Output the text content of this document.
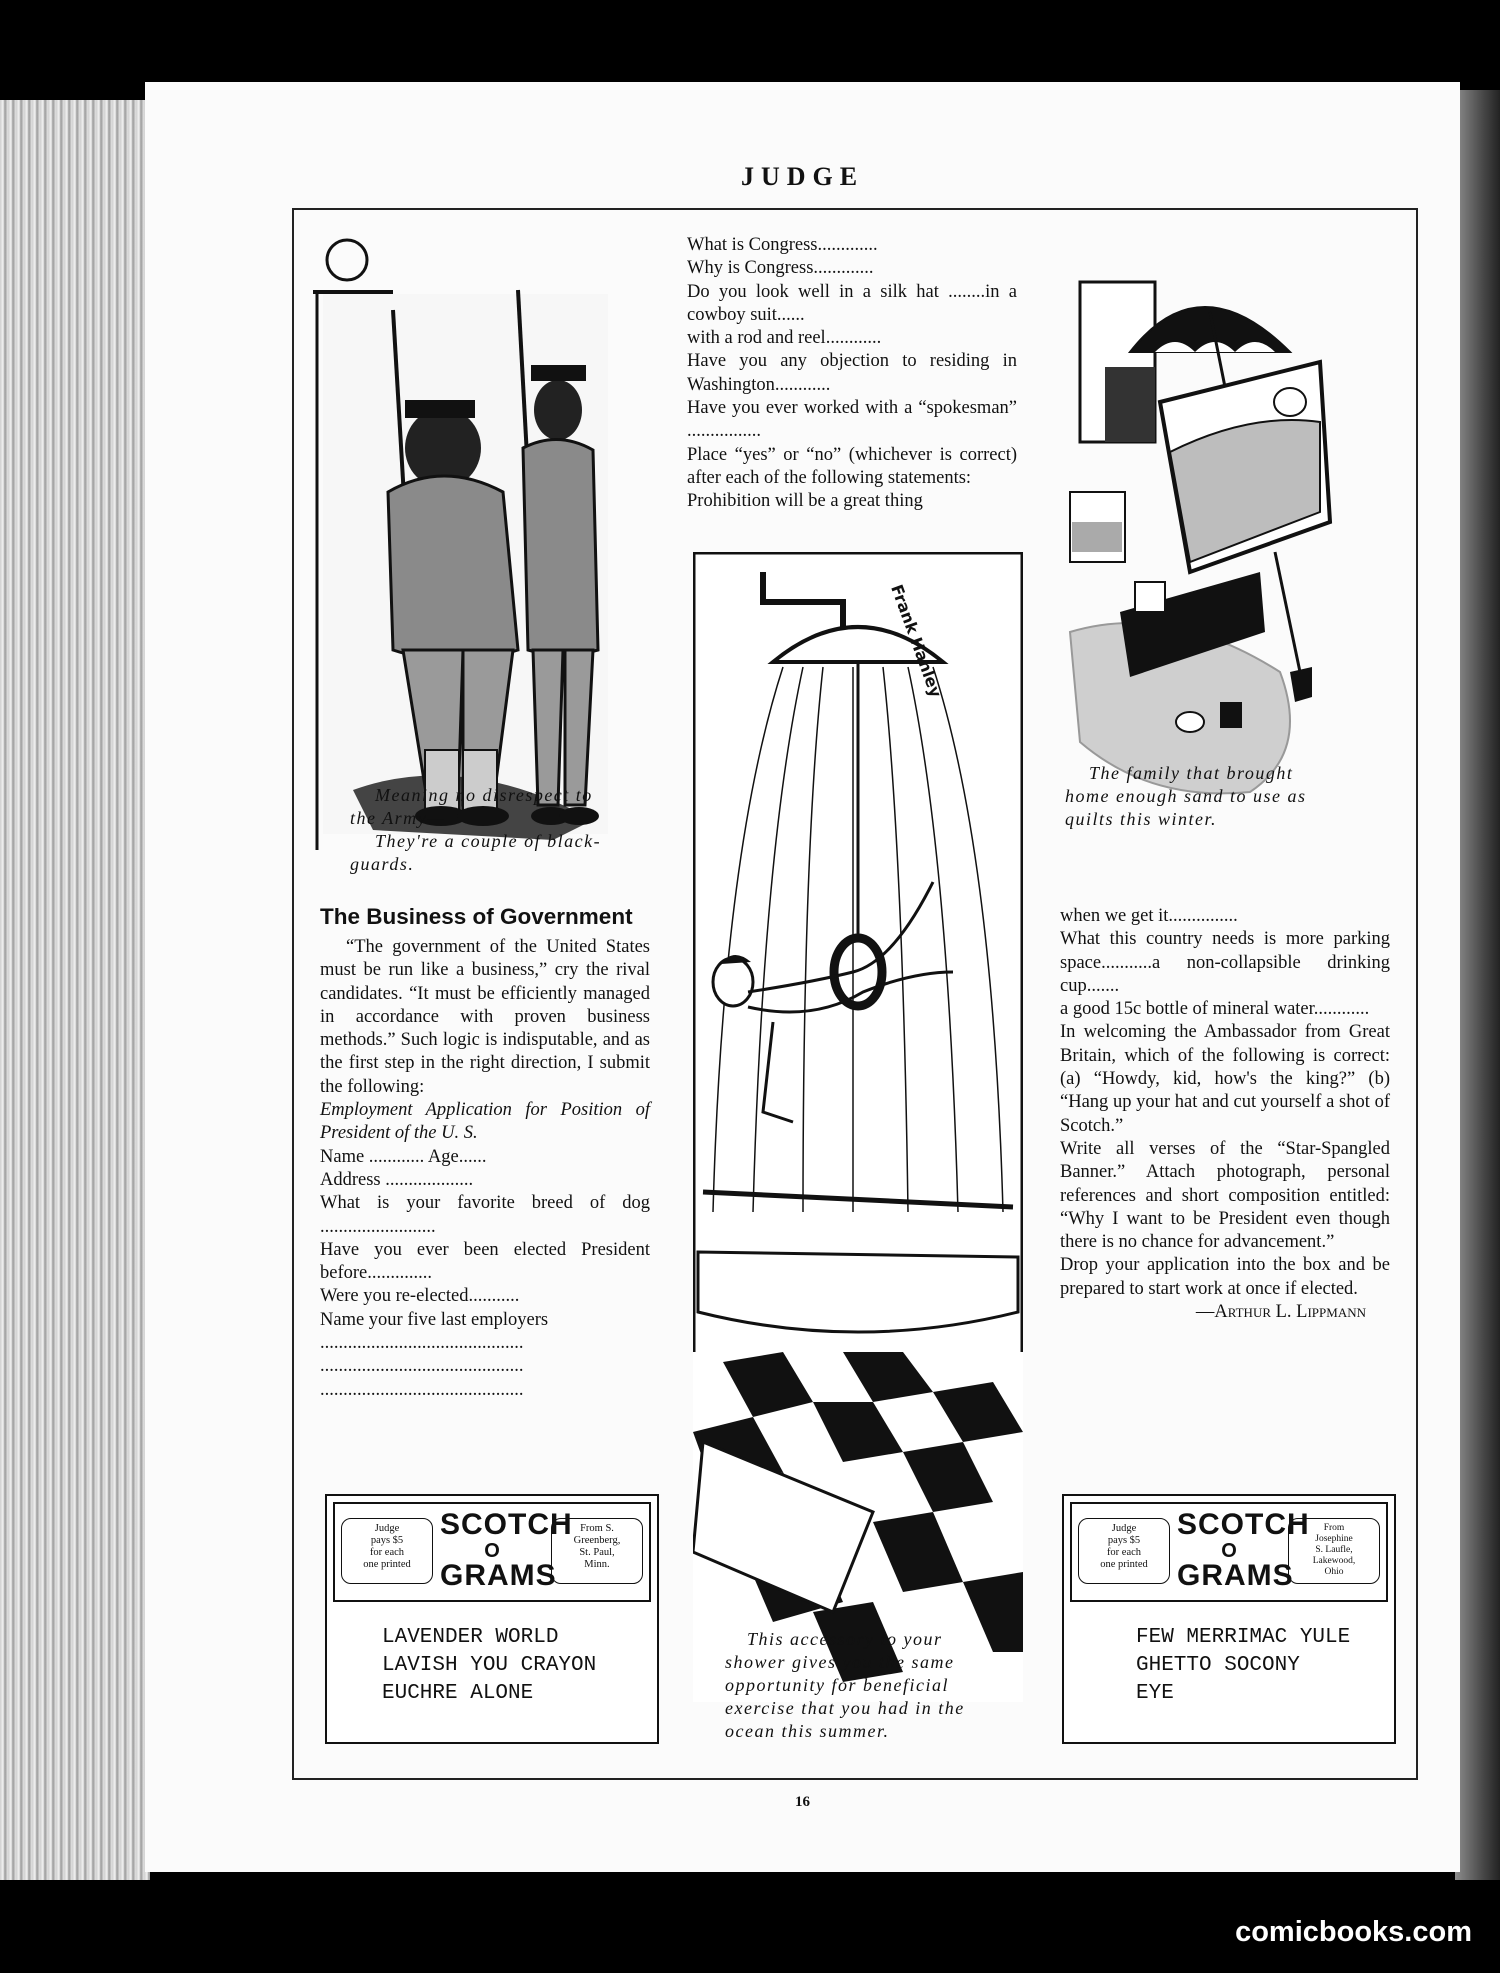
JUDGE

Meaning no disrespect to

the Army—

They're a couple of black-

guards.

The Business of Government

“The government of the United States must be run like a business,” cry the rival candidates. “It must be efficiently managed in accordance with proven business methods.” Such logic is indisputable, and as the first step in the right direction, I submit the following:

Employment Application for Position of President of the U. S.

Name ............ Age......

Address ...................

What is your favorite breed of dog .........................

Have you ever been elected President before..............

Were you re-elected...........

Name your five last employers

............................................

............................................

............................................

What is Congress.............

Why is Congress.............

Do you look well in a silk hat ........in a cowboy suit......

with a rod and reel............

Have you any objection to residing in Washington............

Have you ever worked with a “spokesman” ................

Place “yes” or “no” (whichever is correct) after each of the following statements:

Prohibition will be a great thing

Frank Hanley

This accessory to your

shower gives you the same

opportunity for beneficial

exercise that you had in the

ocean this summer.

The family that brought

home enough sand to use as

quilts this winter.

when we get it...............

What this country needs is more parking space...........a non-collapsible drinking cup.......

a good 15c bottle of mineral water............

In welcoming the Ambassador from Great Britain, which of the following is correct: (a) “Howdy, kid, how's the king?” (b) “Hang up your hat and cut yourself a shot of Scotch.”

Write all verses of the “Star-Spangled Banner.” Attach photograph, personal references and short composition entitled: “Why I want to be President even though there is no chance for advancement.”

Drop your application into the box and be prepared to start work at once if elected.

—Arthur L. Lippmann

Judge
pays $5
for each
one printed
SCOTCH
O
GRAMS
From S.
Greenberg,
St. Paul,
Minn.

LAVENDER WORLD

LAVISH YOU CRAYON

EUCHRE ALONE

Judge
pays $5
for each
one printed
SCOTCH
O
GRAMS
From
Josephine
S. Laufle,
Lakewood,
Ohio

FEW MERRIMAC YULE

GHETTO SOCONY

EYE

16
comicbooks.com
